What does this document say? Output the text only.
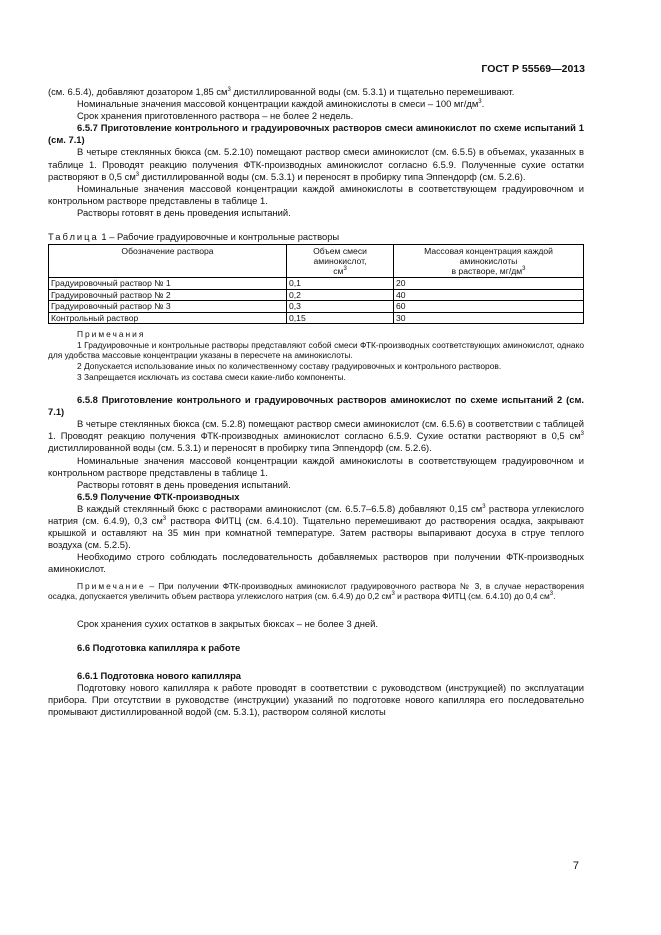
ГОСТ Р 55569—2013

(см. 6.5.4), добавляют дозатором 1,85 $см^3$ дистиллированной воды (см. 5.3.1) и тщательно перемешивают.

Номинальные значения массовой концентрации каждой аминокислоты в смеси – 100 $мг/дм^3$.

Срок хранения приготовленного раствора – не более 2 недель.

6.5.7 Приготовление контрольного и градуировочных растворов смеси аминокислот по схеме испытаний 1 (см. 7.1)

В четыре стеклянных бюкса (см. 5.2.10) помещают раствор смеси аминокислот (см. 6.5.5) в объемах, указанных в таблице 1. Проводят реакцию получения ФТК-производных аминокислот согласно 6.5.9. Полученные сухие остатки растворяют в 0,5 $см^3$ дистиллированной воды (см. 5.3.1) и переносят в пробирку типа Эппендорф (см. 5.2.6).

Номинальные значения массовой концентрации каждой аминокислоты в соответствующем градуировочном и контрольном растворе представлены в таблице 1.

Растворы готовят в день проведения испытаний.

Таблица 1 – Рабочие градуировочные и контрольные растворы
Обозначение раствора	Объем смеси аминокислот,
$см^3$	Массовая концентрация каждой аминокислоты
в растворе, $мг/дм^3$
Градуировочный раствор № 1	0,1	20
Градуировочный раствор № 2	0,2	40
Градуировочный раствор № 3	0,3	60
Контрольный раствор	0,15	30

Примечания

1 Градуировочные и контрольные растворы представляют собой смеси ФТК-производных соответствующих аминокислот, однако для удобства массовые концентрации указаны в пересчете на аминокислоты.

2 Допускается использование иных по количественному составу градуировочных и контрольного растворов.

3 Запрещается исключать из состава смеси какие-либо компоненты.

6.5.8 Приготовление контрольного и градуировочных растворов аминокислот по схеме испытаний 2 (см. 7.1)

В четыре стеклянных бюкса (см. 5.2.8) помещают раствор смеси аминокислот (см. 6.5.6) в соответствии с таблицей 1. Проводят реакцию получения ФТК-производных аминокислот согласно 6.5.9. Сухие остатки растворяют в 0,5 $см^3$ дистиллированной воды (см. 5.3.1) и переносят в пробирку типа Эппендорф (см. 5.2.6).

Номинальные значения массовой концентрации каждой аминокислоты в соответствующем градуировочном и контрольном растворе представлены в таблице 1.

Растворы готовят в день проведения испытаний.

6.5.9 Получение ФТК-производных

В каждый стеклянный бюкс с растворами аминокислот (см. 6.5.7–6.5.8) добавляют 0,15 $см^3$ раствора углекислого натрия (см. 6.4.9), 0,3 $см^3$ раствора ФИТЦ (см. 6.4.10). Тщательно перемешивают до растворения осадка, закрывают крышкой и оставляют на 35 мин при комнатной температуре. Затем растворы выпаривают досуха в струе теплого воздуха (см. 5.2.5).

Необходимо строго соблюдать последовательность добавляемых растворов при получении ФТК-производных аминокислот.

Примечание – При получении ФТК-производных аминокислот градуировочного раствора № 3, в случае нерастворения осадка, допускается увеличить объем раствора углекислого натрия (см. 6.4.9) до 0,2 $см^3$ и раствора ФИТЦ (см. 6.4.10) до 0,4 $см^3$.

Срок хранения сухих остатков в закрытых бюксах – не более 3 дней.

6.6 Подготовка капилляра к работе

6.6.1 Подготовка нового капилляра

Подготовку нового капилляра к работе проводят в соответствии с руководством (инструкцией) по эксплуатации прибора. При отсутствии в руководстве (инструкции) указаний по подготовке нового капилляра его последовательно промывают дистиллированной водой (см. 5.3.1), раствором соляной кислоты

7
